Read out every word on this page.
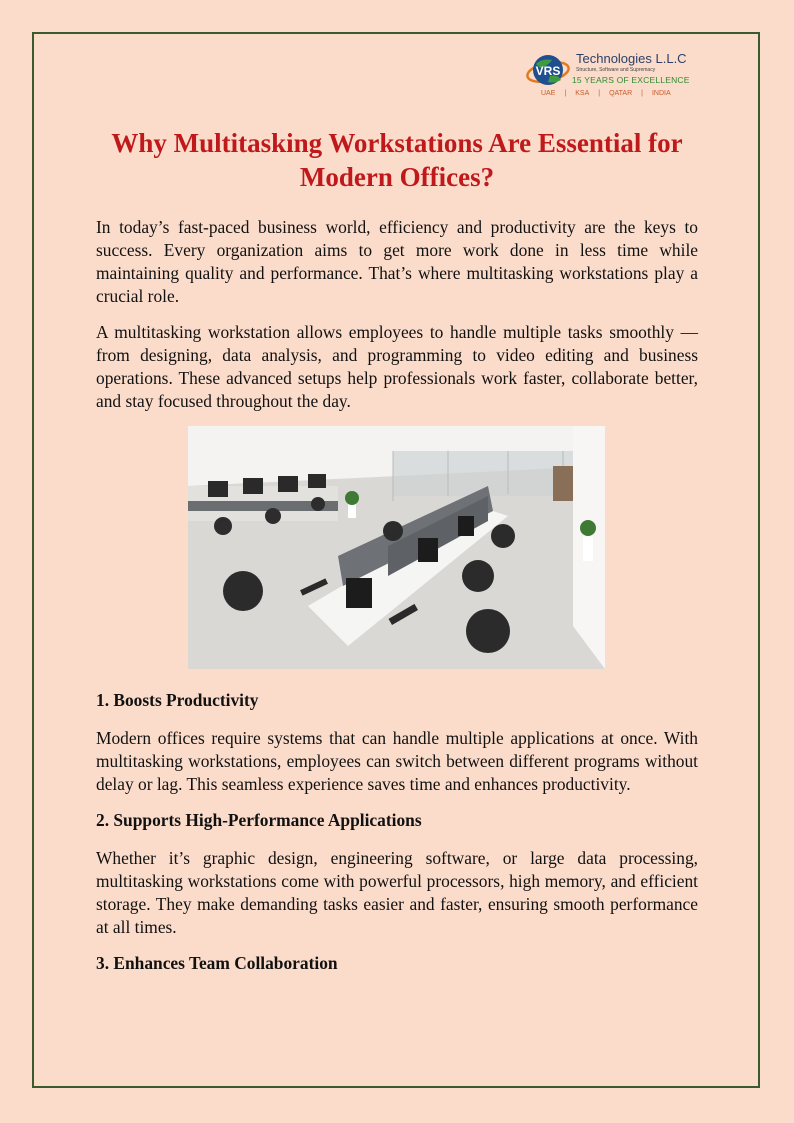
VRS
Technologies L.L.C
Structure, Software and Supremacy
15 YEARS OF EXCELLENCE
UAE | KSA | QATAR | INDIA
Why Multitasking Workstations Are Essential for Modern Offices?

In today’s fast-paced business world, efficiency and productivity are the keys to success. Every organization aims to get more work done in less time while maintaining quality and performance. That’s where multitasking workstations play a crucial role.

A multitasking workstation allows employees to handle multiple tasks smoothly — from designing, data analysis, and programming to video editing and business operations. These advanced setups help professionals work faster, collaborate better, and stay focused throughout the day.

1. Boosts Productivity

Modern offices require systems that can handle multiple applications at once. With multitasking workstations, employees can switch between different programs without delay or lag. This seamless experience saves time and enhances productivity.

2. Supports High-Performance Applications

Whether it’s graphic design, engineering software, or large data processing, multitasking workstations come with powerful processors, high memory, and efficient storage. They make demanding tasks easier and faster, ensuring smooth performance at all times.

3. Enhances Team Collaboration
